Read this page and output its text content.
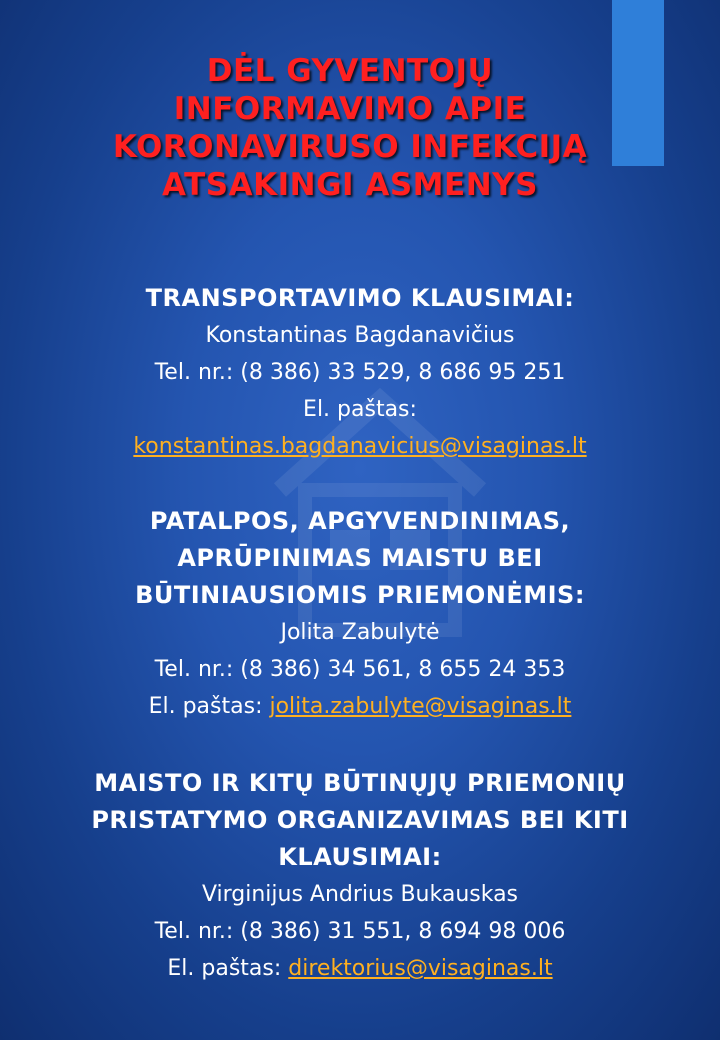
DĖL GYVENTOJŲ
INFORMAVIMO APIE
KORONAVIRUSO INFEKCIJĄ
ATSAKINGI ASMENYS
TRANSPORTAVIMO KLAUSIMAI:
Konstantinas Bagdanavičius
Tel. nr.: (8 386) 33 529, 8 686 95 251
El. paštas:
konstantinas.bagdanavicius@visaginas.lt
PATALPOS, APGYVENDINIMAS,
APRŪPINIMAS MAISTU BEI
BŪTINIAUSIOMIS PRIEMONĖMIS:
Jolita Zabulytė
Tel. nr.: (8 386) 34 561, 8 655 24 353
El. paštas: jolita.zabulyte@visaginas.lt
MAISTO IR KITŲ BŪTINŲJŲ PRIEMONIŲ
PRISTATYMO ORGANIZAVIMAS BEI KITI
KLAUSIMAI:
Virginijus Andrius Bukauskas
Tel. nr.: (8 386) 31 551, 8 694 98 006
El. paštas: direktorius@visaginas.lt
